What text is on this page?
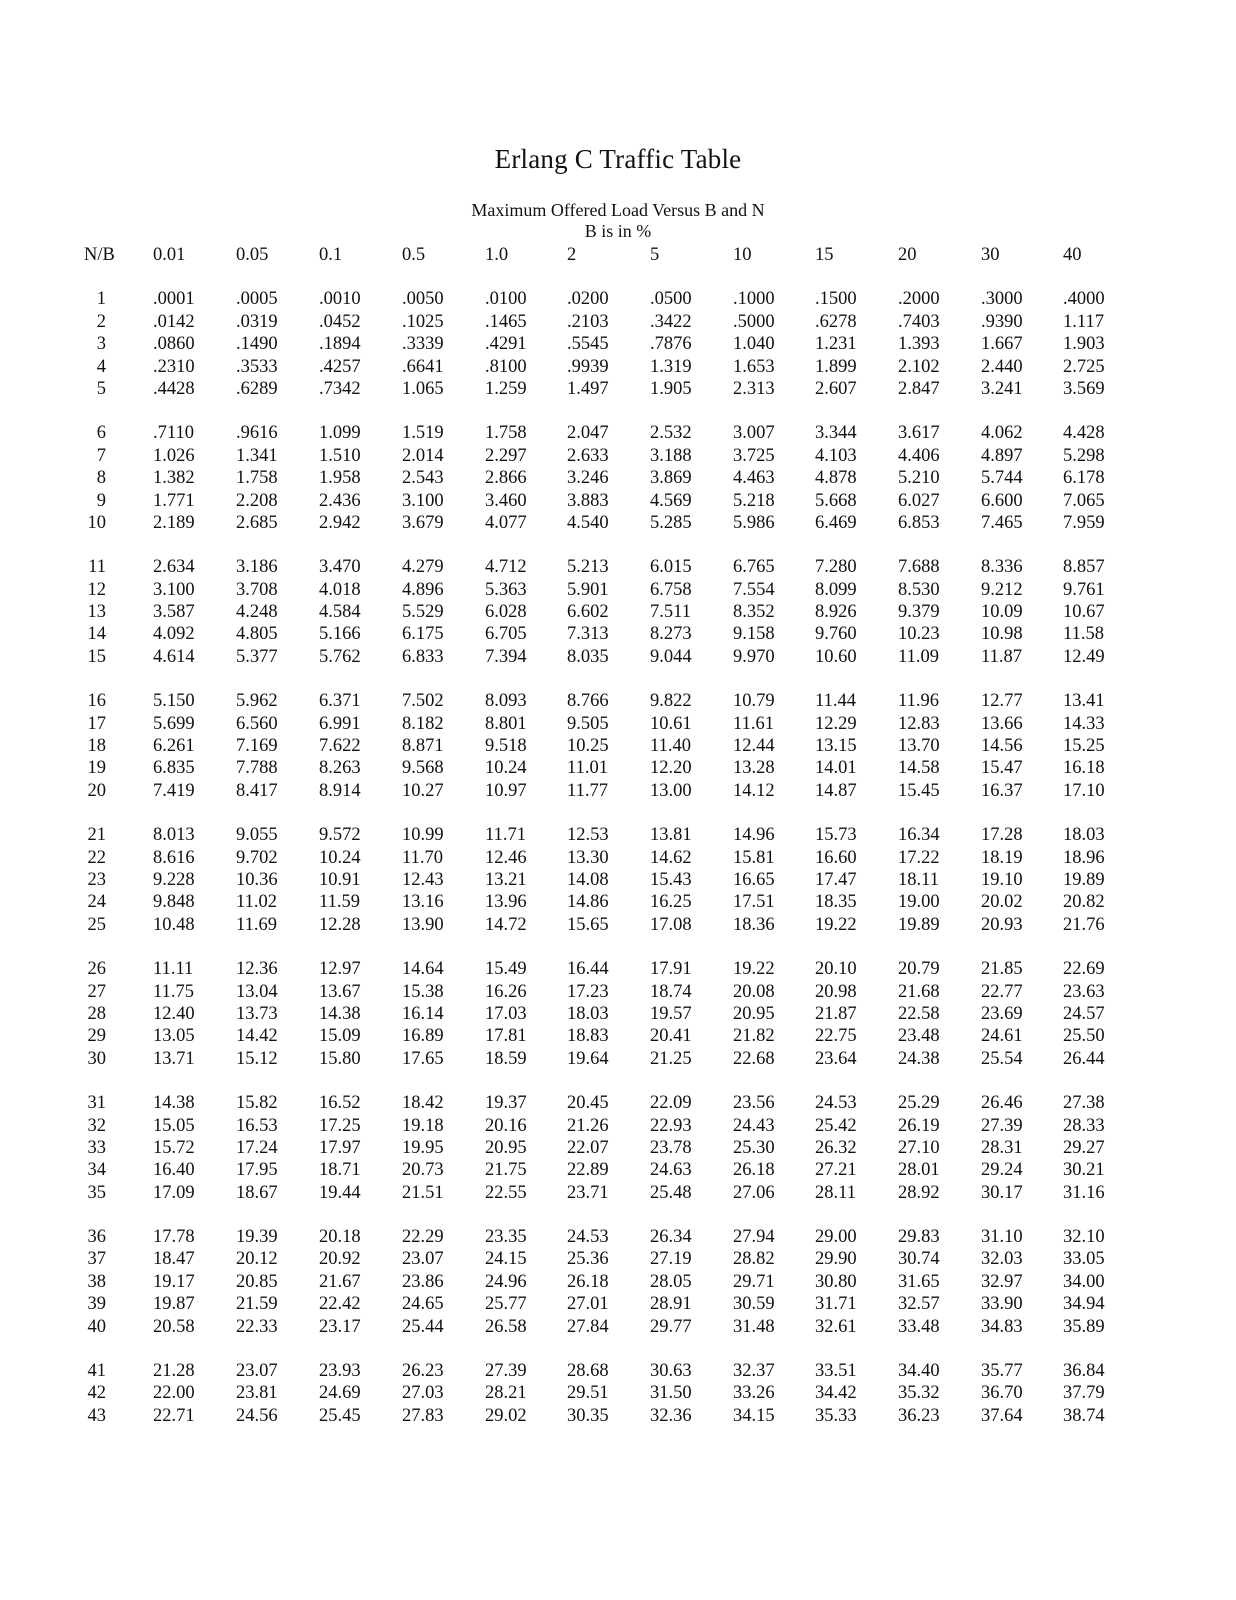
Erlang C Traffic Table
Maximum Offered Load Versus B and N
B is in %
N/B 0.01	0.05	0.1	0.5	1.0	2	5	10	15	20	30	40
1	.0001 .0005 .0010 .0050 .0100 .0200 .0500 .1000 .1500 .2000 .3000 .4000
2	.0142 .0319 .0452 .1025 .1465 .2103 .3422 .5000 .6278 .7403 .9390 1.117
3	.0860 .1490 .1894 .3339 .4291 .5545 .7876 1.040 1.231 1.393 1.667 1.903
4	.2310 .3533 .4257 .6641 .8100 .9939 1.319 1.653 1.899 2.102 2.440 2.725
5	.4428 .6289 .7342 1.065 1.259 1.497 1.905 2.313 2.607 2.847 3.241 3.569
6	.7110 .9616 1.099 1.519 1.758 2.047 2.532 3.007 3.344 3.617 4.062 4.428
7	1.026 1.341 1.510 2.014 2.297 2.633 3.188 3.725 4.103 4.406 4.897 5.298
8	1.382 1.758 1.958 2.543 2.866 3.246 3.869 4.463 4.878 5.210 5.744 6.178
9	1.771 2.208 2.436 3.100 3.460 3.883 4.569 5.218 5.668 6.027 6.600 7.065
10	2.189 2.685 2.942 3.679 4.077 4.540 5.285 5.986 6.469 6.853 7.465 7.959
11	2.634 3.186 3.470 4.279 4.712 5.213 6.015 6.765 7.280 7.688 8.336 8.857
12	3.100 3.708 4.018 4.896 5.363 5.901 6.758 7.554 8.099 8.530 9.212 9.761
13	3.587 4.248 4.584 5.529 6.028 6.602 7.511 8.352 8.926 9.379 10.09 10.67
14	4.092 4.805 5.166 6.175 6.705 7.313 8.273 9.158 9.760 10.23 10.98 11.58
15	4.614 5.377 5.762 6.833 7.394 8.035 9.044 9.970 10.60 11.09 11.87 12.49
16	5.150 5.962 6.371 7.502 8.093 8.766 9.822 10.79 11.44 11.96 12.77 13.41
17	5.699 6.560 6.991 8.182 8.801 9.505 10.61 11.61 12.29 12.83 13.66 14.33
18	6.261 7.169 7.622 8.871 9.518 10.25 11.40 12.44 13.15 13.70 14.56 15.25
19	6.835 7.788 8.263 9.568 10.24 11.01 12.20 13.28 14.01 14.58 15.47 16.18
20	7.419 8.417 8.914 10.27 10.97 11.77 13.00 14.12 14.87 15.45 16.37 17.10
21	8.013 9.055 9.572 10.99 11.71 12.53 13.81 14.96 15.73 16.34 17.28 18.03
22	8.616 9.702 10.24 11.70 12.46 13.30 14.62 15.81 16.60 17.22 18.19 18.96
23	9.228 10.36 10.91 12.43 13.21 14.08 15.43 16.65 17.47 18.11 19.10 19.89
24	9.848 11.02 11.59 13.16 13.96 14.86 16.25 17.51 18.35 19.00 20.02 20.82
25	10.48 11.69 12.28 13.90 14.72 15.65 17.08 18.36 19.22 19.89 20.93 21.76
26	11.11 12.36 12.97 14.64 15.49 16.44 17.91 19.22 20.10 20.79 21.85 22.69
27	11.75 13.04 13.67 15.38 16.26 17.23 18.74 20.08 20.98 21.68 22.77 23.63
28	12.40 13.73 14.38 16.14 17.03 18.03 19.57 20.95 21.87 22.58 23.69 24.57
29	13.05 14.42 15.09 16.89 17.81 18.83 20.41 21.82 22.75 23.48 24.61 25.50
30	13.71 15.12 15.80 17.65 18.59 19.64 21.25 22.68 23.64 24.38 25.54 26.44
31	14.38 15.82 16.52 18.42 19.37 20.45 22.09 23.56 24.53 25.29 26.46 27.38
32	15.05 16.53 17.25 19.18 20.16 21.26 22.93 24.43 25.42 26.19 27.39 28.33
33	15.72 17.24 17.97 19.95 20.95 22.07 23.78 25.30 26.32 27.10 28.31 29.27
34	16.40 17.95 18.71 20.73 21.75 22.89 24.63 26.18 27.21 28.01 29.24 30.21
35	17.09 18.67 19.44 21.51 22.55 23.71 25.48 27.06 28.11 28.92 30.17 31.16
36	17.78 19.39 20.18 22.29 23.35 24.53 26.34 27.94 29.00 29.83 31.10 32.10
37	18.47 20.12 20.92 23.07 24.15 25.36 27.19 28.82 29.90 30.74 32.03 33.05
38	19.17 20.85 21.67 23.86 24.96 26.18 28.05 29.71 30.80 31.65 32.97 34.00
39	19.87 21.59 22.42 24.65 25.77 27.01 28.91 30.59 31.71 32.57 33.90 34.94
40	20.58 22.33 23.17 25.44 26.58 27.84 29.77 31.48 32.61 33.48 34.83 35.89
41	21.28 23.07 23.93 26.23 27.39 28.68 30.63 32.37 33.51 34.40 35.77 36.84
42	22.00 23.81 24.69 27.03 28.21 29.51 31.50 33.26 34.42 35.32 36.70 37.79
43	22.71 24.56 25.45 27.83 29.02 30.35 32.36 34.15 35.33 36.23 37.64 38.74
